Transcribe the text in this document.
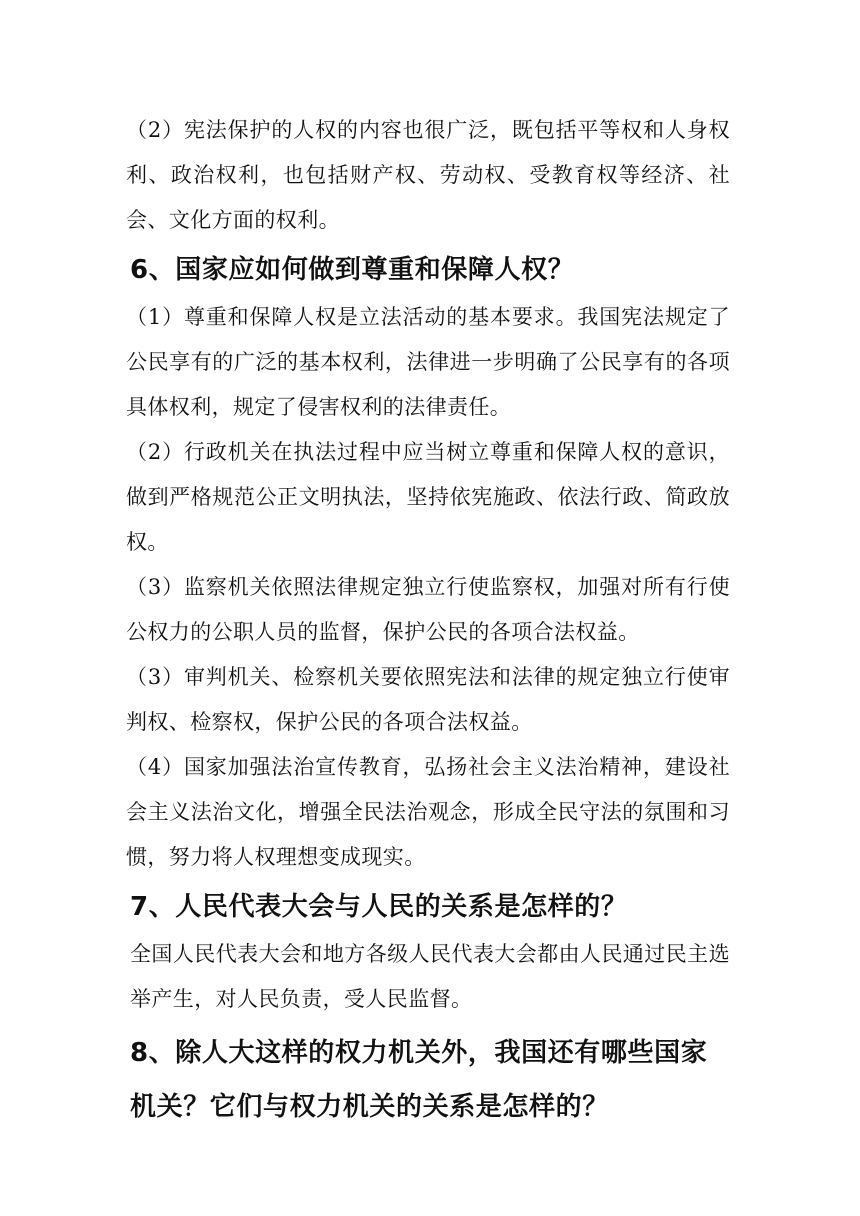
（2）宪法保护的人权的内容也很广泛，既包括平等权和人身权利、政治权利，也包括财产权、劳动权、受教育权等经济、社会、文化方面的权利。

6、国家应如何做到尊重和保障人权？

（1）尊重和保障人权是立法活动的基本要求。我国宪法规定了公民享有的广泛的基本权利，法律进一步明确了公民享有的各项具体权利，规定了侵害权利的法律责任。

（2）行政机关在执法过程中应当树立尊重和保障人权的意识，做到严格规范公正文明执法，坚持依宪施政、依法行政、简政放权。

（3）监察机关依照法律规定独立行使监察权，加强对所有行使公权力的公职人员的监督，保护公民的各项合法权益。

（3）审判机关、检察机关要依照宪法和法律的规定独立行使审判权、检察权，保护公民的各项合法权益。

（4）国家加强法治宣传教育，弘扬社会主义法治精神，建设社会主义法治文化，增强全民法治观念，形成全民守法的氛围和习惯，努力将人权理想变成现实。

7、人民代表大会与人民的关系是怎样的？

全国人民代表大会和地方各级人民代表大会都由人民通过民主选举产生，对人民负责，受人民监督。

8、除人大这样的权力机关外，我国还有哪些国家机关？它们与权力机关的关系是怎样的？
